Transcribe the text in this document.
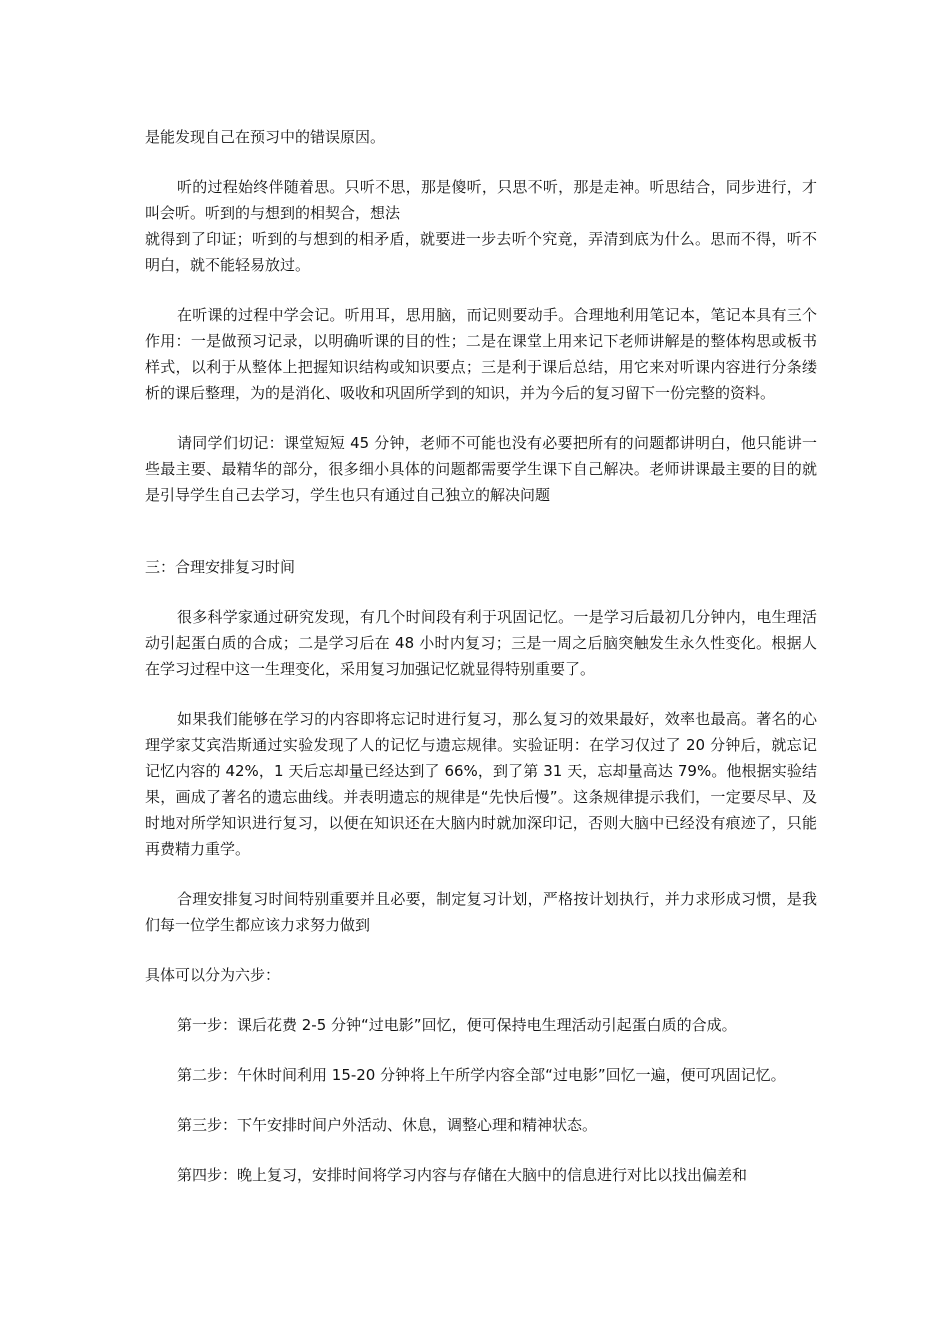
是能发现自己在预习中的错误原因。

听的过程始终伴随着思。只听不思，那是傻听，只思不听，那是走神。听思结合，同步进行，才叫会听。听到的与想到的相契合，想法

就得到了印证；听到的与想到的相矛盾，就要进一步去听个究竟，弄清到底为什么。思而不得，听不明白，就不能轻易放过。

在听课的过程中学会记。听用耳，思用脑，而记则要动手。合理地利用笔记本，笔记本具有三个作用：一是做预习记录，以明确听课的目的性；二是在课堂上用来记下老师讲解是的整体构思或板书样式，以利于从整体上把握知识结构或知识要点；三是利于课后总结，用它来对听课内容进行分条缕析的课后整理，为的是消化、吸收和巩固所学到的知识，并为今后的复习留下一份完整的资料。

请同学们切记：课堂短短 45 分钟，老师不可能也没有必要把所有的问题都讲明白，他只能讲一些最主要、最精华的部分，很多细小具体的问题都需要学生课下自己解决。老师讲课最主要的目的就是引导学生自己去学习，学生也只有通过自己独立的解决问题

三：合理安排复习时间

很多科学家通过研究发现，有几个时间段有利于巩固记忆。一是学习后最初几分钟内，电生理活动引起蛋白质的合成；二是学习后在 48 小时内复习；三是一周之后脑突触发生永久性变化。根据人在学习过程中这一生理变化，采用复习加强记忆就显得特别重要了。

如果我们能够在学习的内容即将忘记时进行复习，那么复习的效果最好，效率也最高。著名的心理学家艾宾浩斯通过实验发现了人的记忆与遗忘规律。实验证明：在学习仅过了 20 分钟后，就忘记记忆内容的 42%，1 天后忘却量已经达到了 66%，到了第 31 天，忘却量高达 79%。他根据实验结果，画成了著名的遗忘曲线。并表明遗忘的规律是“先快后慢”。这条规律提示我们，一定要尽早、及时地对所学知识进行复习，以便在知识还在大脑内时就加深印记，否则大脑中已经没有痕迹了，只能再费精力重学。

合理安排复习时间特别重要并且必要，制定复习计划，严格按计划执行，并力求形成习惯，是我们每一位学生都应该力求努力做到

具体可以分为六步：

第一步：课后花费 2-5 分钟“过电影”回忆，便可保持电生理活动引起蛋白质的合成。

第二步：午休时间利用 15-20 分钟将上午所学内容全部“过电影”回忆一遍，便可巩固记忆。

第三步：下午安排时间户外活动、休息，调整心理和精神状态。

第四步：晚上复习，安排时间将学习内容与存储在大脑中的信息进行对比以找出偏差和
